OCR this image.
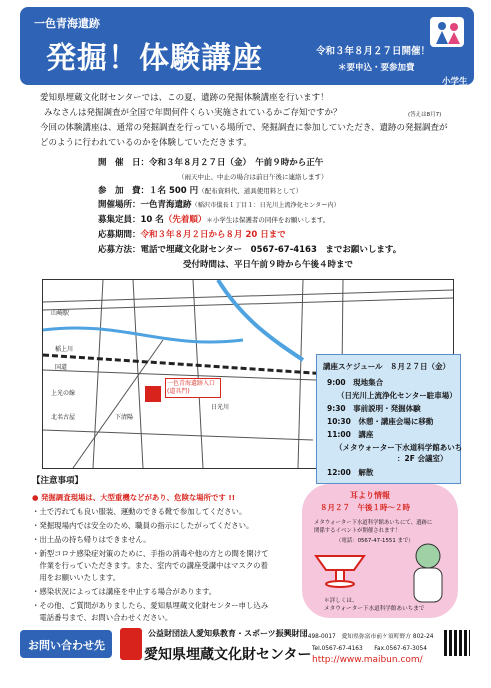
一色青海遺跡
発掘！体験講座	令和３年８月２７日開催！
＊要申込・要参加費
小学生以上
愛知県埋蔵文化財センターでは、この夏、遺跡の発掘体験講座を行います！
みなさんは発掘調査が全国で年間何件くらい実施されているかご存知ですか？	(答えは8月7)
今回の体験講座は、通常の発掘調査を行っている場所で、発掘調査に参加していただき、遺跡の発掘調査が
どのように行われているのかを体験していただきます。
開　催　日：令和３年８月２７日（金）　午前９時から正午
（雨天中止、中止の場合は前日午後に連絡します）
参　加　費：１名 500 円（配布資料代、道具使用料として）
開催場所：一色青海遺跡（稲沢市儀長１丁目１：日光川上流浄化センター内）
募集定員：10 名（先着順）＊小学生は保護者の同伴をお願いします。
応募期間：令和３年８月２日から８月 20 日まで
応募方法：電話で埋蔵文化財センター　0567-67-4163　までお願いします。
受付時間は、平日午前９時から午後４時まで
一色青海遺跡入口(道具門)
山崎駅
稲上川
国道
上光の線
北名古屋	下清陽
日光川
講座スケジュール　８月２７日（金）
9:00　 現地集合
（日光川上流浄化センター駐車場）
9:30　 事前説明・発掘体験
10:30　 休憩・講座会場に移動
11:00　 講座
（メタウォーター下水道科学館あいち
：2F 会議室）
12:00　 解散
【注意事項】
● 発掘調査現場は、大型重機などがあり、危険な場所です !!
・土で汚れても良い服装、運動のできる靴で参加してください。
・発掘現場内では安全のため、職員の指示にしたがってください。
・出土品の持ち帰りはできません。
・新型コロナ感染症対策のために、手指の消毒や他の方との間を開けて
　作業を行っていただきます。また、室内での講座受講中はマスクの着
　用をお願いいたします。
・感染状況によっては講座を中止する場合があります。
・その他、ご質問がありましたら、愛知県埋蔵文化財センター申し込み
　電話番号まで、お問い合わせください。
耳より情報
８月２７　午後１時～２時
メタウォーター下水道科学館あいちにて、遺跡に
関係するイベントが開催されます！
（電話：0567-47-1551 まで）
＊詳しくは、
メタウォーター下水道科学館あいちまで
お問い合わせ先
公益財団法人愛知県教育・スポーツ振興財団
愛知県埋蔵文化財センター
〒498-0017　愛知県弥富市前ケ須町野方 802-24
Tel.0567-67-4163　　Fax.0567-67-3054
http://www.maibun.com/
